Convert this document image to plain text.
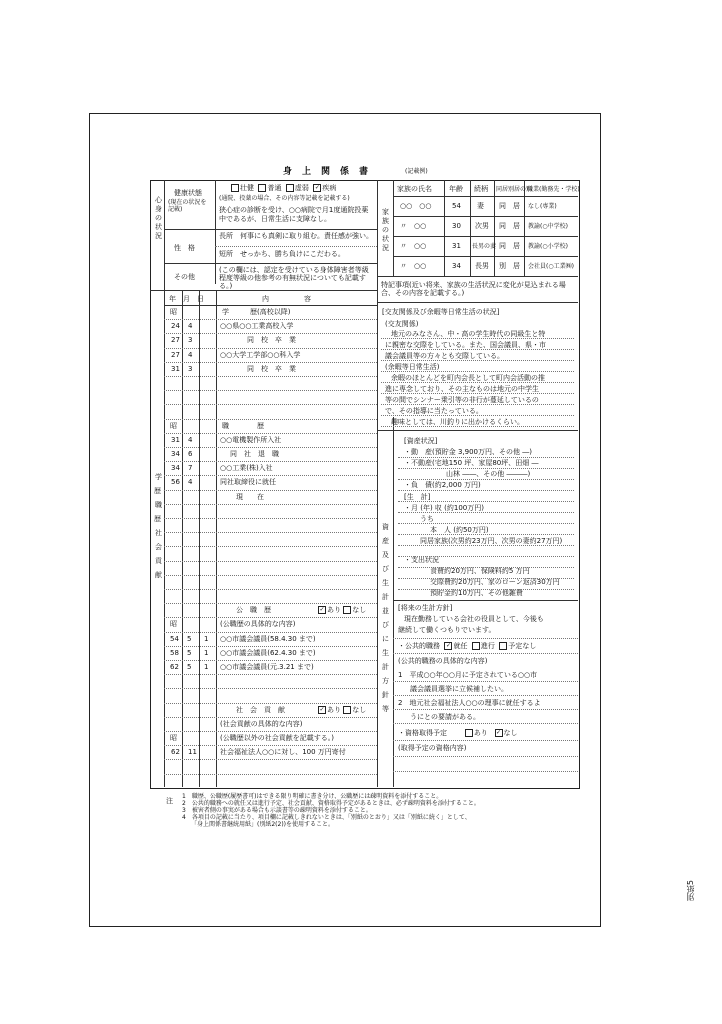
身上関係書	(記載例)
心身の状況
健康状態
(現在の状況を記載)
壮健 普通 虚弱 ✓ 疾病
(通院、投薬の場合、その内容等記載を記載する)
狭心症の診断を受け、○○病院で月1度通院投薬中であるが、日常生活に支障なし。
性　格
長所　何事にも真剣に取り組む。責任感が強い。
短所　せっかち、勝ち負けにこだわる。
その他
(この欄には、認定を受けている身体障害者等級程度等級の他参考の有無状況についても記載する。)
家族の状況
家族の氏名 年齢 続柄 同居別居の別
職業(勤務先・学校)
○○　○○	54 妻 同　居 なし(専業)
〃　○○	30 次男 同　居 教諭(○中学校)
〃　○○	31 長男の妻 同　居 教諭(○小学校)
〃　○○	34 長男 別　居 会社員(○工業㈱)
特記事項(近い将来、家族の生活状況に変化が見込まれる場合、その内容を記載する。)
学歴・職歴・社会貢献
年　月　日	内　　　　　容
昭	学　　　歴(高校以降)
24 4	○○県○○工業高校入学
27 3	同　校　卒　業
27 4	○○大学工学部○○科入学
31 3	同　校　卒　業
昭	職　　　　歴
31 4	○○電機製作所入社
34 6	同　社　退　職
34 7	○○工業(株)入社
56 4	同社取締役に就任
現　　在
公　職　歴 ✓	あり なし
昭	(公職歴の具体的な内容)
54 5 1 ○○市議会議員(58.4.30 まで)
58 5 1 ○○市議会議員(62.4.30 まで)
62 5 1 ○○市議会議員(元.3.21 まで)
社　会　貢　献 ✓	あり なし
(社会貢献の具体的な内容)
昭	(公職歴以外の社会貢献を記載する。)
62 11	社会福祉法人○○に対し、100 万円寄付
[交友関係及び余暇等日常生活の状況]
(交友関係)
地元のみなさん、中・高の学生時代の同級生と特
に親密な交際をしている。また、国会議員、県・市
議会議員等の方々とも交際している。
(余暇等日常生活)
余暇のほとんどを町内会長として町内会活動の推
進に専念しており、その主なものは地元の中学生
等の間でシンナー乗引等の非行が蔓延しているの
で、その指導に当たっている。
趣味としては、川釣りに出かけるくらい。
資産及び生計並びに生計方針等
[資産状況]
・動　産(預貯金 3,900万円、その他 ―)
・不動産(宅地150 坪、家屋80坪、田畑 ―
山林 ――、その他 ―――)
・負　債(約2,000 万円)
[生　計]
・月 (年) 収 (約100万円)
うち
本　人 (約50万円)
同居家族(次男約23万円、次男の妻約27万円)
・支出状況
食費約20万円、保険料約5 万円
交際費約20万円、家のローン返済30万円
預貯金約10万円、その他雑費
[将来の生計方針]
現在勤務している会社の役員として、今後も
継続して働くつもりでいます。
・公共的職務 ✓ 就任 進行 予定なし
(公共的職務の具体的な内容)
1　平成○○年○○月に予定されている○○市
議会議員選挙に立候補したい。
2　地元社会福祉法人○○の理事に就任するよ
うにとの要請がある。
・資格取得予定	あり ✓ なし
(取得予定の資格内容)
注
1　職歴、公職歴(履歴書可)はできる限り明確に書き分け、公職歴には疎明資料を添付すること。
2　公共的職務への就任又は進行予定、社会貢献、資格取得予定があるときは、必ず疎明資料を添付すること。
3　被害者側の事実がある場合も示談書等の疎明資料を添付すること。
4　各項目の記載に当たり、項目欄に記載しきれないときは、「別紙のとおり」又は「別紙に続く」として、
「身上関係書継続用紙」(別紙2(2))を使用すること。
別紙5
